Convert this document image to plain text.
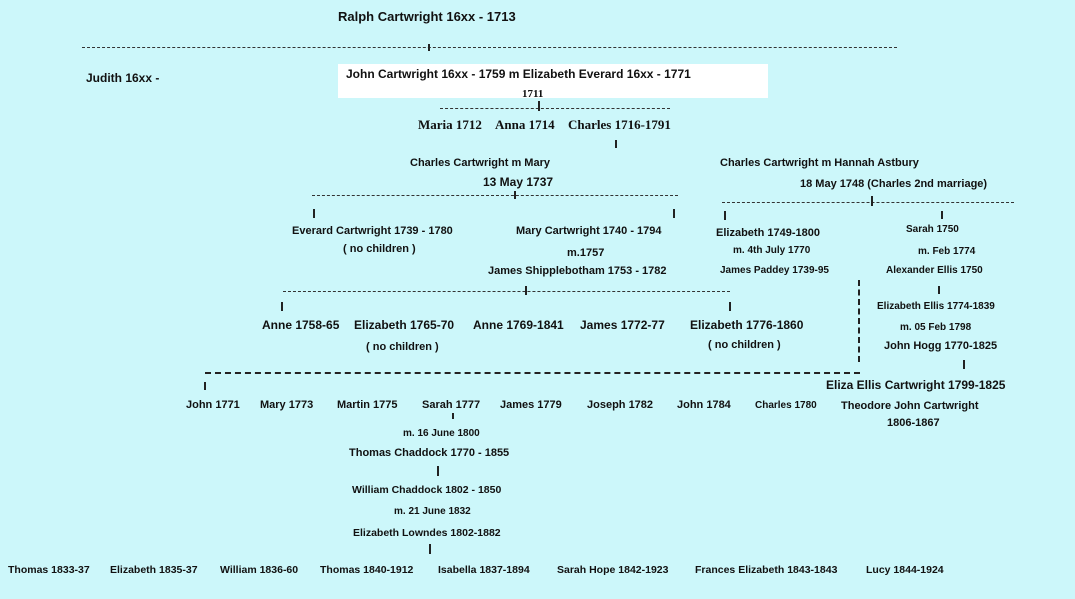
Ralph Cartwright 16xx - 1713
Judith 16xx -	John Cartwright 16xx - 1759 m Elizabeth Everard 16xx - 1771
1711
Maria 1712 Anna 1714 Charles 1716-1791
Charles Cartwright m Mary
13 May 1737
Charles Cartwright m Hannah Astbury
18 May 1748 (Charles 2nd marriage)
Everard Cartwright 1739 - 1780
( no children )
Mary Cartwright 1740 - 1794
m.1757
James Shipplebotham 1753 - 1782
Elizabeth 1749-1800
m. 4th July 1770
James Paddey 1739-95
Sarah 1750
m. Feb 1774
Alexander Ellis 1750
Anne 1758-65 Elizabeth 1765-70 Anne 1769-1841 James 1772-77
( no children )
Elizabeth 1776-1860
( no children )
Elizabeth Ellis 1774-1839
m. 05 Feb 1798
John Hogg 1770-1825
Eliza Ellis Cartwright 1799-1825
John 1771 Mary 1773 Martin 1775 Sarah 1777 James 1779 Joseph 1782 John 1784 Charles 1780 Theodore John Cartwright
1806-1867
m. 16 June 1800
Thomas Chaddock 1770 - 1855
William Chaddock 1802 - 1850
m. 21 June 1832
Elizabeth Lowndes 1802-1882
Thomas 1833-37 Elizabeth 1835-37 William 1836-60 Thomas 1840-1912 Isabella 1837-1894	Sarah Hope 1842-1923	Frances Elizabeth 1843-1843	Lucy 1844-1924
